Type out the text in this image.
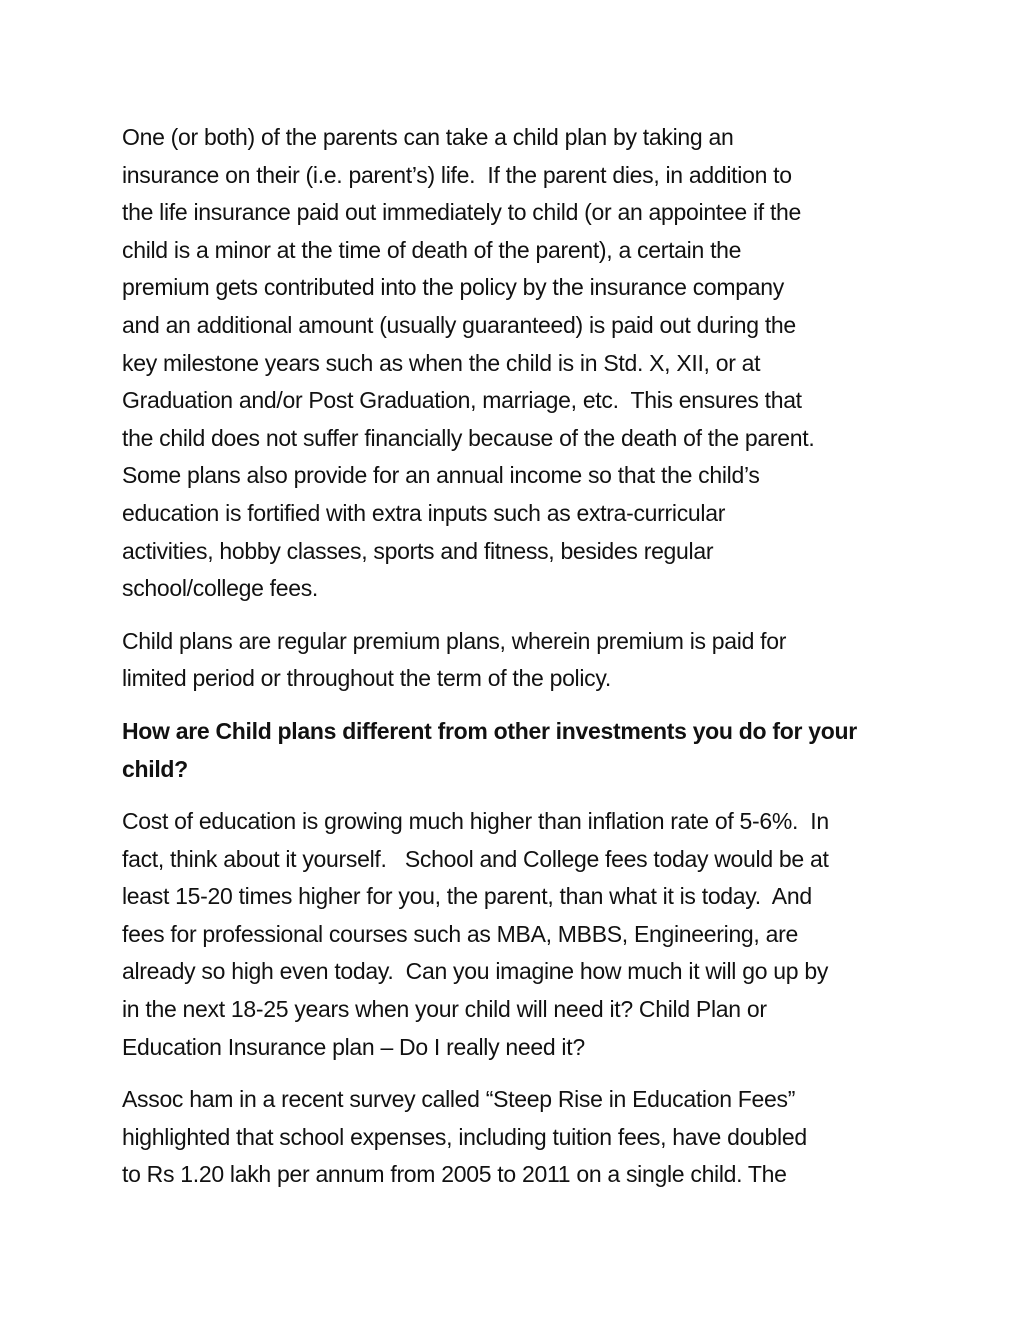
One (or both) of the parents can take a child plan by taking an
insurance on their (i.e. parent’s) life.  If the parent dies, in addition to
the life insurance paid out immediately to child (or an appointee if the
child is a minor at the time of death of the parent), a certain the
premium gets contributed into the policy by the insurance company
and an additional amount (usually guaranteed) is paid out during the
key milestone years such as when the child is in Std. X, XII, or at
Graduation and/or Post Graduation, marriage, etc.  This ensures that
the child does not suffer financially because of the death of the parent.
Some plans also provide for an annual income so that the child’s
education is fortified with extra inputs such as extra-curricular
activities, hobby classes, sports and fitness, besides regular
school/college fees.
Child plans are regular premium plans, wherein premium is paid for
limited period or throughout the term of the policy.
How are Child plans different from other investments you do for your
child?
Cost of education is growing much higher than inflation rate of 5-6%.  In
fact, think about it yourself.   School and College fees today would be at
least 15-20 times higher for you, the parent, than what it is today.  And
fees for professional courses such as MBA, MBBS, Engineering, are
already so high even today.  Can you imagine how much it will go up by
in the next 18-25 years when your child will need it? Child Plan or
Education Insurance plan – Do I really need it?
Assoc ham in a recent survey called “Steep Rise in Education Fees”
highlighted that school expenses, including tuition fees, have doubled
to Rs 1.20 lakh per annum from 2005 to 2011 on a single child. The
